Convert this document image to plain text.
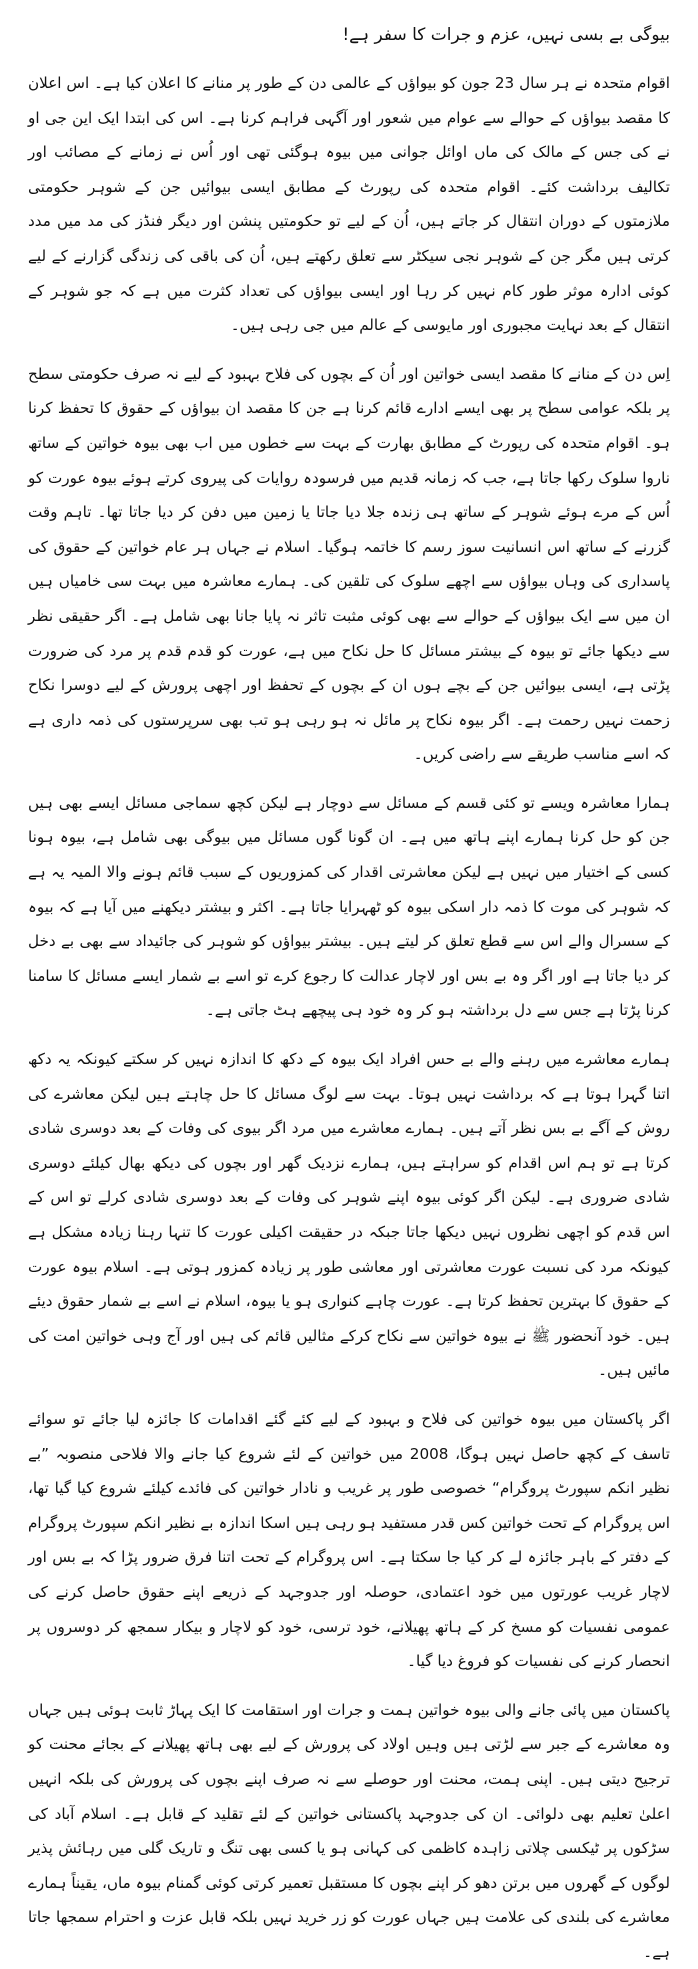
بیوگی بے بسی نہیں، عزم و جرات کا سفر ہے!

اقوام متحدہ نے ہر سال 23 جون کو بیواؤں کے عالمی دن کے طور پر منانے کا اعلان کیا ہے۔ اس اعلان کا مقصد بیواؤں کے حوالے سے عوام میں شعور اور آگہی فراہم کرنا ہے۔ اس کی ابتدا ایک این جی او نے کی جس کے مالک کی ماں اوائل جوانی میں بیوہ ہوگئی تھی اور اُس نے زمانے کے مصائب اور تکالیف برداشت کئے۔ اقوام متحدہ کی رپورٹ کے مطابق ایسی بیوائیں جن کے شوہر حکومتی ملازمتوں کے دوران انتقال کر جاتے ہیں، اُن کے لیے تو حکومتیں پنشن اور دیگر فنڈز کی مد میں مدد کرتی ہیں مگر جن کے شوہر نجی سیکٹر سے تعلق رکھتے ہیں، اُن کی باقی کی زندگی گزارنے کے لیے کوئی ادارہ موثر طور کام نہیں کر رہا اور ایسی بیواؤں کی تعداد کثرت میں ہے کہ جو شوہر کے انتقال کے بعد نہایت مجبوری اور مایوسی کے عالم میں جی رہی ہیں۔

اِس دن کے منانے کا مقصد ایسی خواتین اور اُن کے بچوں کی فلاح بہبود کے لیے نہ صرف حکومتی سطح پر بلکہ عوامی سطح پر بھی ایسے ادارے قائم کرنا ہے جن کا مقصد ان بیواؤں کے حقوق کا تحفظ کرنا ہو۔ اقوام متحدہ کی رپورٹ کے مطابق بھارت کے بہت سے خطوں میں اب بھی بیوہ خواتین کے ساتھ ناروا سلوک رکھا جاتا ہے، جب کہ زمانہ قدیم میں فرسودہ روایات کی پیروی کرتے ہوئے بیوہ عورت کو اُس کے مرے ہوئے شوہر کے ساتھ ہی زندہ جلا دیا جاتا یا زمین میں دفن کر دیا جاتا تھا۔ تاہم وقت گزرنے کے ساتھ اس انسانیت سوز رسم کا خاتمہ ہوگیا۔ اسلام نے جہاں ہر عام خواتین کے حقوق کی پاسداری کی وہاں بیواؤں سے اچھے سلوک کی تلقین کی۔ ہمارے معاشرہ میں بہت سی خامیاں ہیں ان میں سے ایک بیواؤں کے حوالے سے بھی کوئی مثبت تاثر نہ پایا جانا بھی شامل ہے۔ اگر حقیقی نظر سے دیکھا جائے تو بیوہ کے بیشتر مسائل کا حل نکاح میں ہے، عورت کو قدم قدم پر مرد کی ضرورت پڑتی ہے، ایسی بیوائیں جن کے بچے ہوں ان کے بچوں کے تحفظ اور اچھی پرورش کے لیے دوسرا نکاح زحمت نہیں رحمت ہے۔ اگر بیوہ نکاح پر مائل نہ ہو رہی ہو تب بھی سرپرستوں کی ذمہ داری ہے کہ اسے مناسب طریقے سے راضی کریں۔

ہمارا معاشرہ ویسے تو کئی قسم کے مسائل سے دوچار ہے لیکن کچھ سماجی مسائل ایسے بھی ہیں جن کو حل کرنا ہمارے اپنے ہاتھ میں ہے۔ ان گونا گوں مسائل میں بیوگی بھی شامل ہے، بیوہ ہونا کسی کے اختیار میں نہیں ہے لیکن معاشرتی اقدار کی کمزوریوں کے سبب قائم ہونے والا المیہ یہ ہے کہ شوہر کی موت کا ذمہ دار اسکی بیوہ کو ٹھہرایا جاتا ہے۔ اکثر و بیشتر دیکھنے میں آیا ہے کہ بیوہ کے سسرال والے اس سے قطع تعلق کر لیتے ہیں۔ بیشتر بیواؤں کو شوہر کی جائیداد سے بھی بے دخل کر دیا جاتا ہے اور اگر وہ بے بس اور لاچار عدالت کا رجوع کرے تو اسے بے شمار ایسے مسائل کا سامنا کرنا پڑتا ہے جس سے دل برداشتہ ہو کر وہ خود ہی پیچھے ہٹ جاتی ہے۔

ہمارے معاشرے میں رہنے والے بے حس افراد ایک بیوہ کے دکھ کا اندازہ نہیں کر سکتے کیونکہ یہ دکھ اتنا گہرا ہوتا ہے کہ برداشت نہیں ہوتا۔ بہت سے لوگ مسائل کا حل چاہتے ہیں لیکن معاشرے کی روش کے آگے بے بس نظر آتے ہیں۔ ہمارے معاشرے میں مرد اگر بیوی کی وفات کے بعد دوسری شادی کرتا ہے تو ہم اس اقدام کو سراہتے ہیں، ہمارے نزدیک گھر اور بچوں کی دیکھ بھال کیلئے دوسری شادی ضروری ہے۔ لیکن اگر کوئی بیوہ اپنے شوہر کی وفات کے بعد دوسری شادی کرلے تو اس کے اس قدم کو اچھی نظروں نہیں دیکھا جاتا جبکہ در حقیقت اکیلی عورت کا تنہا رہنا زیادہ مشکل ہے کیونکہ مرد کی نسبت عورت معاشرتی اور معاشی طور پر زیادہ کمزور ہوتی ہے۔ اسلام بیوہ عورت کے حقوق کا بہترین تحفظ کرتا ہے۔ عورت چاہے کنواری ہو یا بیوہ، اسلام نے اسے بے شمار حقوق دیئے ہیں۔ خود آنحضور ﷺ نے بیوہ خواتین سے نکاح کرکے مثالیں قائم کی ہیں اور آج وہی خواتین امت کی مائیں ہیں۔

اگر پاکستان میں بیوہ خواتین کی فلاح و بہبود کے لیے کئے گئے اقدامات کا جائزہ لیا جائے تو سوائے تاسف کے کچھ حاصل نہیں ہوگا، 2008 میں خواتین کے لئے شروع کیا جانے والا فلاحی منصوبہ ”بے نظیر انکم سپورٹ پروگرام“ خصوصی طور پر غریب و نادار خواتین کی فائدے کیلئے شروع کیا گیا تھا، اس پروگرام کے تحت خواتین کس قدر مستفید ہو رہی ہیں اسکا اندازہ بے نظیر انکم سپورٹ پروگرام کے دفتر کے باہر جائزہ لے کر کیا جا سکتا ہے۔ اس پروگرام کے تحت اتنا فرق ضرور پڑا کہ بے بس اور لاچار غریب عورتوں میں خود اعتمادی، حوصلہ اور جدوجہد کے ذریعے اپنے حقوق حاصل کرنے کی عمومی نفسیات کو مسخ کر کے ہاتھ پھیلانے، خود ترسی، خود کو لاچار و بیکار سمجھ کر دوسروں پر انحصار کرنے کی نفسیات کو فروغ دیا گیا۔

پاکستان میں پائی جانے والی بیوہ خواتین ہمت و جرات اور استقامت کا ایک پہاڑ ثابت ہوئی ہیں جہاں وہ معاشرے کے جبر سے لڑتی ہیں وہیں اولاد کی پرورش کے لیے بھی ہاتھ پھیلانے کے بجائے محنت کو ترجیح دیتی ہیں۔ اپنی ہمت، محنت اور حوصلے سے نہ صرف اپنے بچوں کی پرورش کی بلکہ انہیں اعلیٰ تعلیم بھی دلوائی۔ ان کی جدوجہد پاکستانی خواتین کے لئے تقلید کے قابل ہے۔ اسلام آباد کی سڑکوں پر ٹیکسی چلاتی زاہدہ کاظمی کی کہانی ہو یا کسی بھی تنگ و تاریک گلی میں رہائش پذیر لوگوں کے گھروں میں برتن دھو کر اپنے بچوں کا مستقبل تعمیر کرتی کوئی گمنام بیوہ ماں، یقیناً ہمارے معاشرے کی بلندی کی علامت ہیں جہاں عورت کو زر خرید نہیں بلکہ قابل عزت و احترام سمجھا جاتا ہے۔
